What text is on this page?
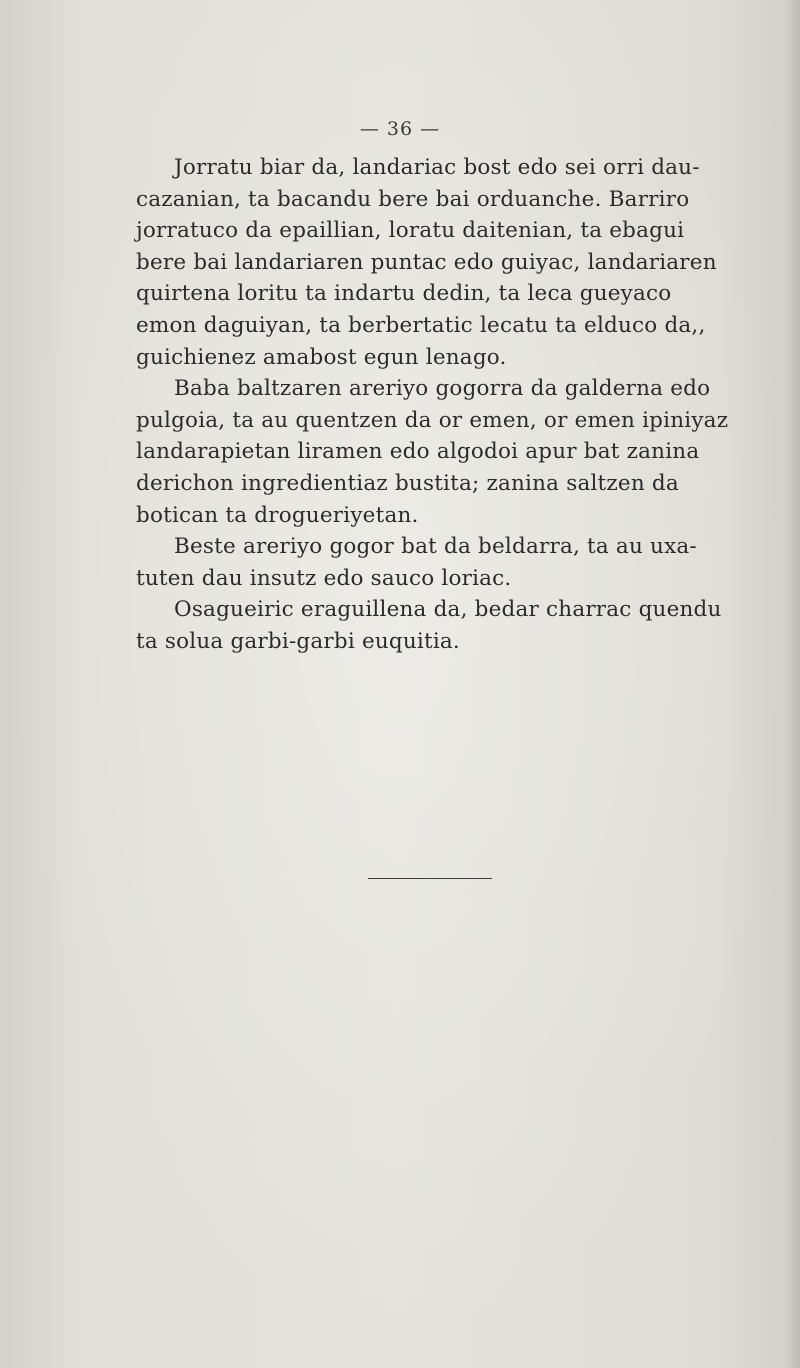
— 36 —
Jorratu biar da, landariac bost edo sei orri dau-
cazanian, ta bacandu bere bai orduanche. Barriro
jorratuco da epaillian, loratu daitenian, ta ebagui
bere bai landariaren puntac edo guiyac, landariaren
quirtena loritu ta indartu dedin, ta leca gueyaco
emon daguiyan, ta berbertatic lecatu ta elduco da,,
guichienez amabost egun lenago.
Baba baltzaren areriyo gogorra da galderna edo
pulgoia, ta au quentzen da or emen, or emen ipiniyaz
landarapietan liramen edo algodoi apur bat zanina
derichon ingredientiaz bustita; zanina saltzen da
botican ta drogueriyetan.
Beste areriyo gogor bat da beldarra, ta au uxa-
tuten dau insutz edo sauco loriac.
Osagueiric eraguillena da, bedar charrac quendu
ta solua garbi-garbi euquitia.
